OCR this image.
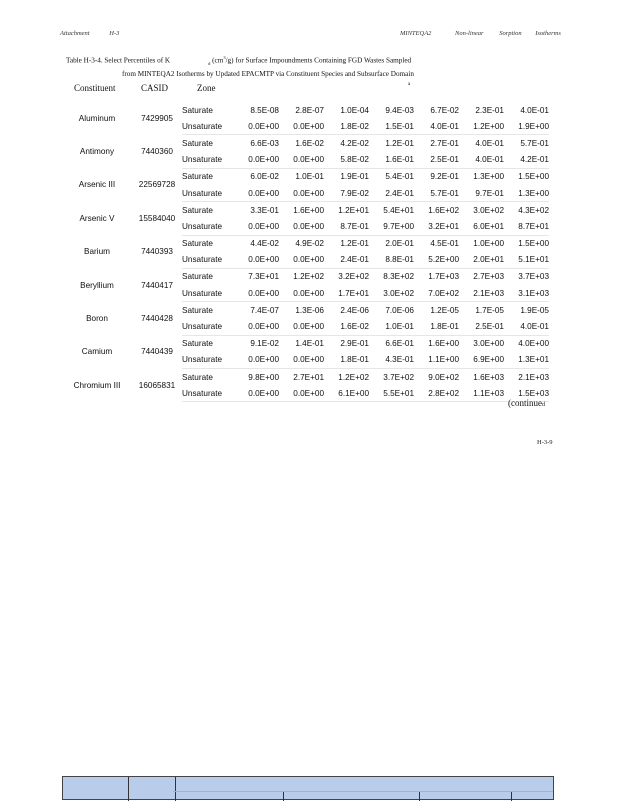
Attachment	H-3	MINTEQA2	Non-linear Sorption Isotherms
Table H-3-4. Select Percentiles of K	$_d$ $(cm^3/g)$ for Surface Impoundments Containing FGD Wastes Sampled
from MINTEQA2 Isotherms by Updated EPACMTP via Constituent Species and Subsurface Domain
a
Constituent	CASID	Zone
Aluminum	7429905	Saturate	8.5E-08	2.8E-07	1.0E-04	9.4E-03	6.7E-02	2.3E-01	4.0E-01
		Unsaturate	0.0E+00	0.0E+00	1.8E-02	1.5E-01	4.0E-01	1.2E+00	1.9E+00
Antimony	7440360	Saturate	6.6E-03	1.6E-02	4.2E-02	1.2E-01	2.7E-01	4.0E-01	5.7E-01
		Unsaturate	0.0E+00	0.0E+00	5.8E-02	1.6E-01	2.5E-01	4.0E-01	4.2E-01
Arsenic III	22569728	Saturate	6.0E-02	1.0E-01	1.9E-01	5.4E-01	9.2E-01	1.3E+00	1.5E+00
		Unsaturate	0.0E+00	0.0E+00	7.9E-02	2.4E-01	5.7E-01	9.7E-01	1.3E+00
Arsenic V	15584040	Saturate	3.3E-01	1.6E+00	1.2E+01	5.4E+01	1.6E+02	3.0E+02	4.3E+02
		Unsaturate	0.0E+00	0.0E+00	8.7E-01	9.7E+00	3.2E+01	6.0E+01	8.7E+01
Barium	7440393	Saturate	4.4E-02	4.9E-02	1.2E-01	2.0E-01	4.5E-01	1.0E+00	1.5E+00
		Unsaturate	0.0E+00	0.0E+00	2.4E-01	8.8E-01	5.2E+00	2.0E+01	5.1E+01
Beryllium	7440417	Saturate	7.3E+01	1.2E+02	3.2E+02	8.3E+02	1.7E+03	2.7E+03	3.7E+03
		Unsaturate	0.0E+00	0.0E+00	1.7E+01	3.0E+02	7.0E+02	2.1E+03	3.1E+03
Boron	7440428	Saturate	7.4E-07	1.3E-06	2.4E-06	7.0E-06	1.2E-05	1.7E-05	1.9E-05
		Unsaturate	0.0E+00	0.0E+00	1.6E-02	1.0E-01	1.8E-01	2.5E-01	4.0E-01
Camium	7440439	Saturate	9.1E-02	1.4E-01	2.9E-01	6.6E-01	1.6E+00	3.0E+00	4.0E+00
		Unsaturate	0.0E+00	0.0E+00	1.8E-01	4.3E-01	1.1E+00	6.9E+00	1.3E+01
Chromium III	16065831	Saturate	9.8E+00	2.7E+01	1.2E+02	3.7E+02	9.0E+02	1.6E+03	2.1E+03
		Unsaturate	0.0E+00	0.0E+00	6.1E+00	5.5E+01	2.8E+02	1.1E+03	1.5E+03
(continued
H-3-9
